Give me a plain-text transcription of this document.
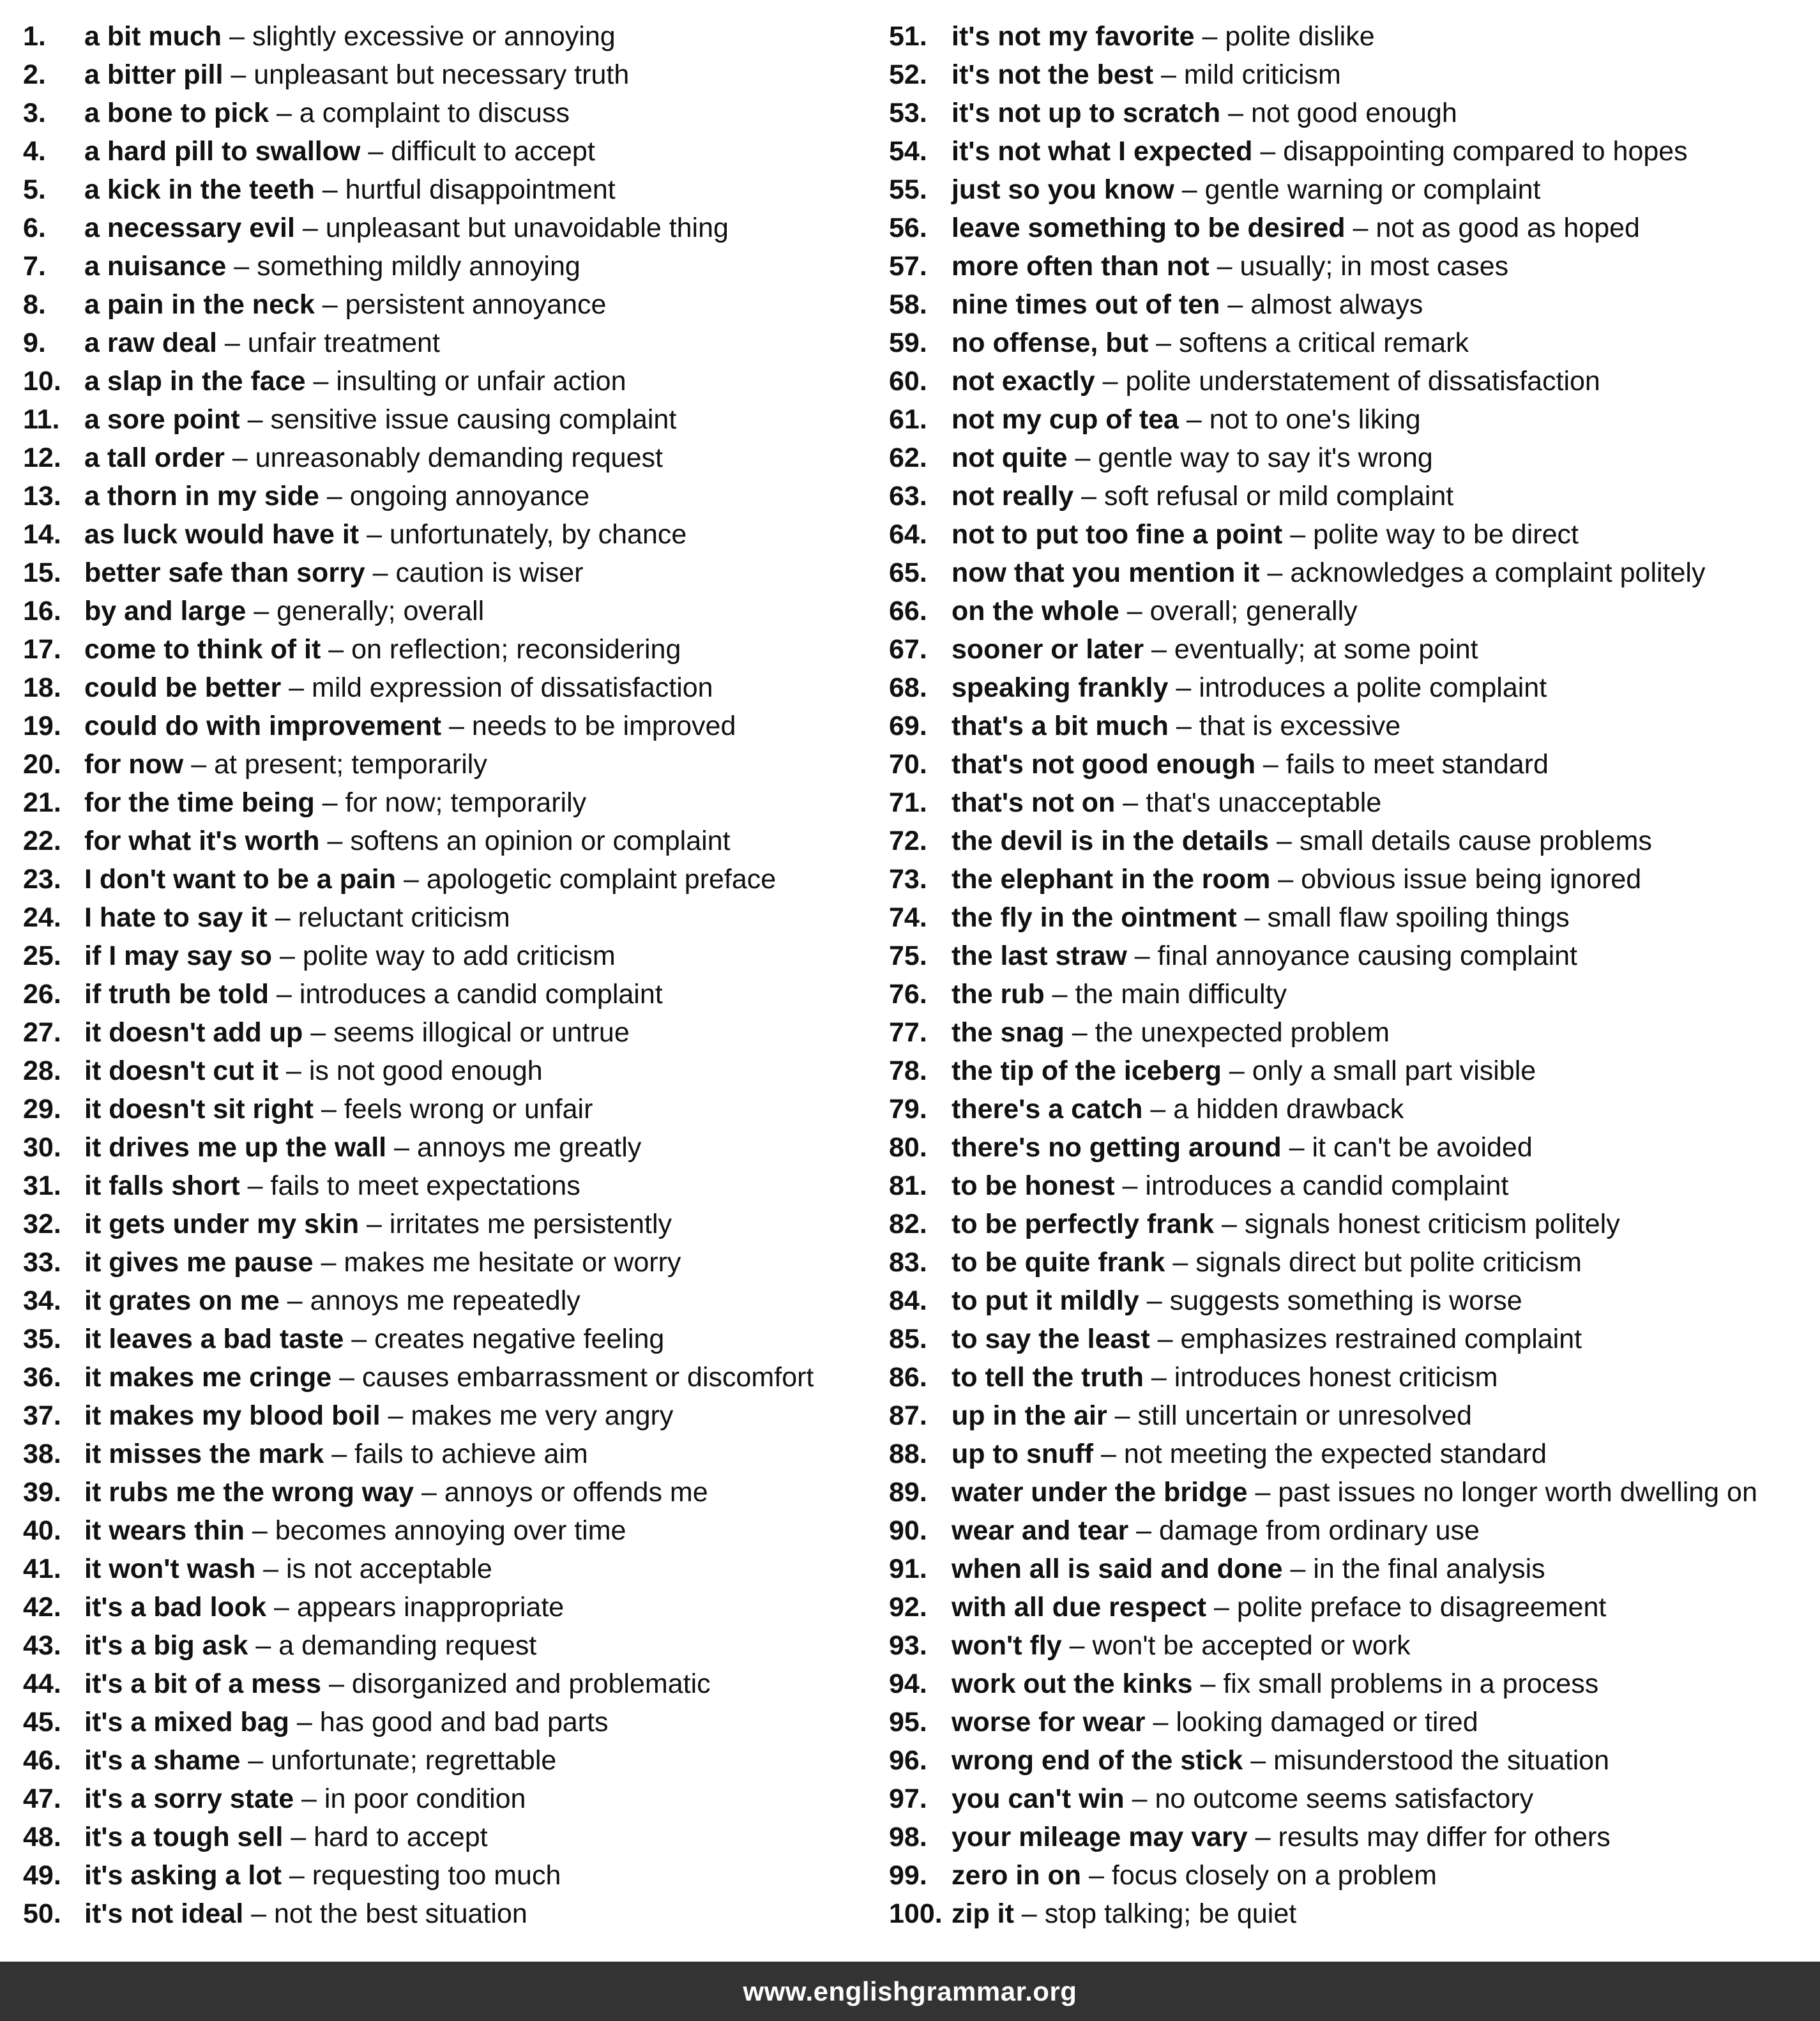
1. a bit much – slightly excessive or annoying
2. a bitter pill – unpleasant but necessary truth
3. a bone to pick – a complaint to discuss
4. a hard pill to swallow – difficult to accept
5. a kick in the teeth – hurtful disappointment
6. a necessary evil – unpleasant but unavoidable thing
7. a nuisance – something mildly annoying
8. a pain in the neck – persistent annoyance
9. a raw deal – unfair treatment
10. a slap in the face – insulting or unfair action
11. a sore point – sensitive issue causing complaint
12. a tall order – unreasonably demanding request
13. a thorn in my side – ongoing annoyance
14. as luck would have it – unfortunately, by chance
15. better safe than sorry – caution is wiser
16. by and large – generally; overall
17. come to think of it – on reflection; reconsidering
18. could be better – mild expression of dissatisfaction
19. could do with improvement – needs to be improved
20. for now – at present; temporarily
21. for the time being – for now; temporarily
22. for what it's worth – softens an opinion or complaint
23. I don't want to be a pain – apologetic complaint preface
24. I hate to say it – reluctant criticism
25. if I may say so – polite way to add criticism
26. if truth be told – introduces a candid complaint
27. it doesn't add up – seems illogical or untrue
28. it doesn't cut it – is not good enough
29. it doesn't sit right – feels wrong or unfair
30. it drives me up the wall – annoys me greatly
31. it falls short – fails to meet expectations
32. it gets under my skin – irritates me persistently
33. it gives me pause – makes me hesitate or worry
34. it grates on me – annoys me repeatedly
35. it leaves a bad taste – creates negative feeling
36. it makes me cringe – causes embarrassment or discomfort
37. it makes my blood boil – makes me very angry
38. it misses the mark – fails to achieve aim
39. it rubs me the wrong way – annoys or offends me
40. it wears thin – becomes annoying over time
41. it won't wash – is not acceptable
42. it's a bad look – appears inappropriate
43. it's a big ask – a demanding request
44. it's a bit of a mess – disorganized and problematic
45. it's a mixed bag – has good and bad parts
46. it's a shame – unfortunate; regrettable
47. it's a sorry state – in poor condition
48. it's a tough sell – hard to accept
49. it's asking a lot – requesting too much
50. it's not ideal – not the best situation
51. it's not my favorite – polite dislike
52. it's not the best – mild criticism
53. it's not up to scratch – not good enough
54. it's not what I expected – disappointing compared to hopes
55. just so you know – gentle warning or complaint
56. leave something to be desired – not as good as hoped
57. more often than not – usually; in most cases
58. nine times out of ten – almost always
59. no offense, but – softens a critical remark
60. not exactly – polite understatement of dissatisfaction
61. not my cup of tea – not to one's liking
62. not quite – gentle way to say it's wrong
63. not really – soft refusal or mild complaint
64. not to put too fine a point – polite way to be direct
65. now that you mention it – acknowledges a complaint politely
66. on the whole – overall; generally
67. sooner or later – eventually; at some point
68. speaking frankly – introduces a polite complaint
69. that's a bit much – that is excessive
70. that's not good enough – fails to meet standard
71. that's not on – that's unacceptable
72. the devil is in the details – small details cause problems
73. the elephant in the room – obvious issue being ignored
74. the fly in the ointment – small flaw spoiling things
75. the last straw – final annoyance causing complaint
76. the rub – the main difficulty
77. the snag – the unexpected problem
78. the tip of the iceberg – only a small part visible
79. there's a catch – a hidden drawback
80. there's no getting around – it can't be avoided
81. to be honest – introduces a candid complaint
82. to be perfectly frank – signals honest criticism politely
83. to be quite frank – signals direct but polite criticism
84. to put it mildly – suggests something is worse
85. to say the least – emphasizes restrained complaint
86. to tell the truth – introduces honest criticism
87. up in the air – still uncertain or unresolved
88. up to snuff – not meeting the expected standard
89. water under the bridge – past issues no longer worth dwelling on
90. wear and tear – damage from ordinary use
91. when all is said and done – in the final analysis
92. with all due respect – polite preface to disagreement
93. won't fly – won't be accepted or work
94. work out the kinks – fix small problems in a process
95. worse for wear – looking damaged or tired
96. wrong end of the stick – misunderstood the situation
97. you can't win – no outcome seems satisfactory
98. your mileage may vary – results may differ for others
99. zero in on – focus closely on a problem
100. zip it – stop talking; be quiet
www.englishgrammar.org
